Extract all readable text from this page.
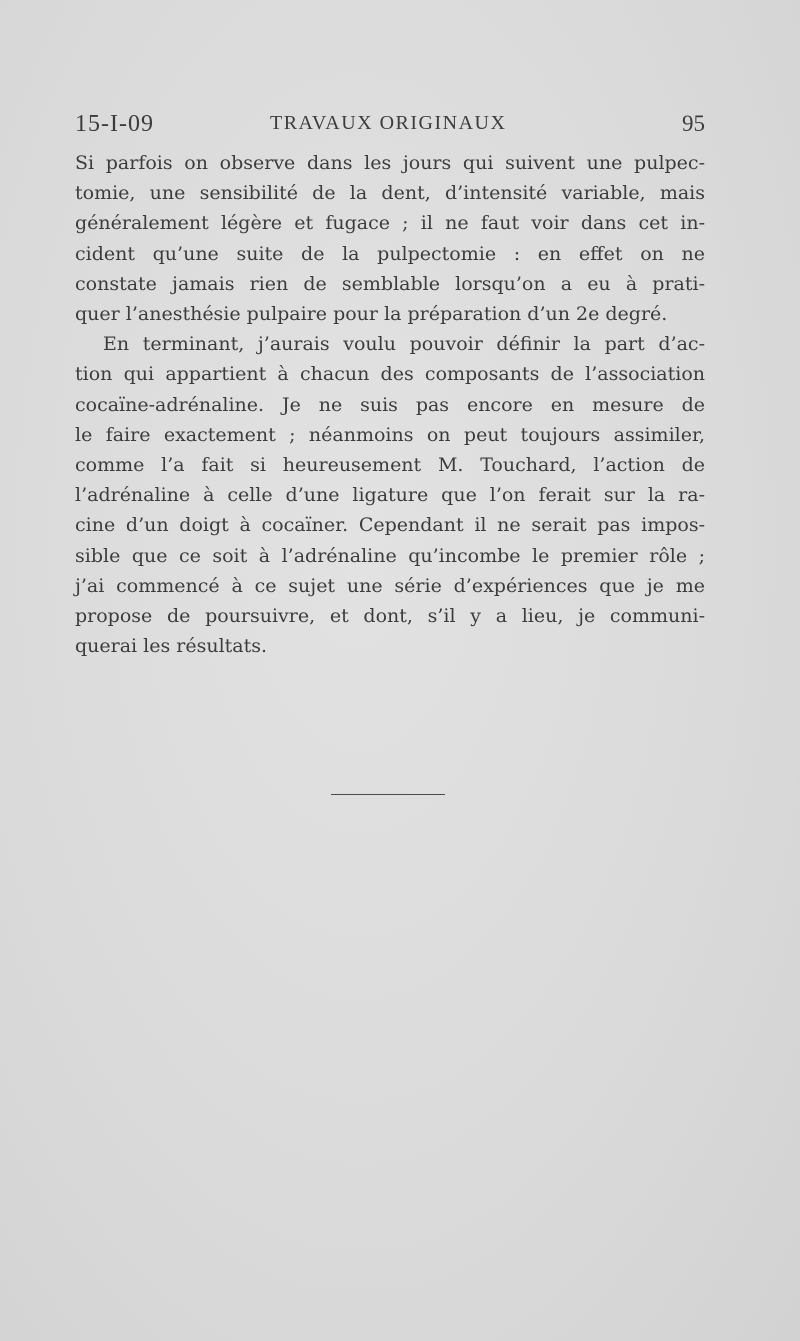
15-I-09	TRAVAUX ORIGINAUX	95

Si parfois on observe dans les jours qui suivent une pulpec-
tomie, une sensibilité de la dent, d’intensité variable, mais
généralement légère et fugace ; il ne faut voir dans cet in-
cident qu’une suite de la pulpectomie : en effet on ne
constate jamais rien de semblable lorsqu’on a eu à prati-
quer l’anesthésie pulpaire pour la préparation d’un 2e degré.

En terminant, j’aurais voulu pouvoir définir la part d’ac-
tion qui appartient à chacun des composants de l’association
cocaïne-adrénaline. Je ne suis pas encore en mesure de
le faire exactement ; néanmoins on peut toujours assimiler,
comme l’a fait si heureusement M. Touchard, l’action de
l’adrénaline à celle d’une ligature que l’on ferait sur la ra-
cine d’un doigt à cocaïner. Cependant il ne serait pas impos-
sible que ce soit à l’adrénaline qu’incombe le premier rôle ;
j’ai commencé à ce sujet une série d’expériences que je me
propose de poursuivre, et dont, s’il y a lieu, je communi-
querai les résultats.
